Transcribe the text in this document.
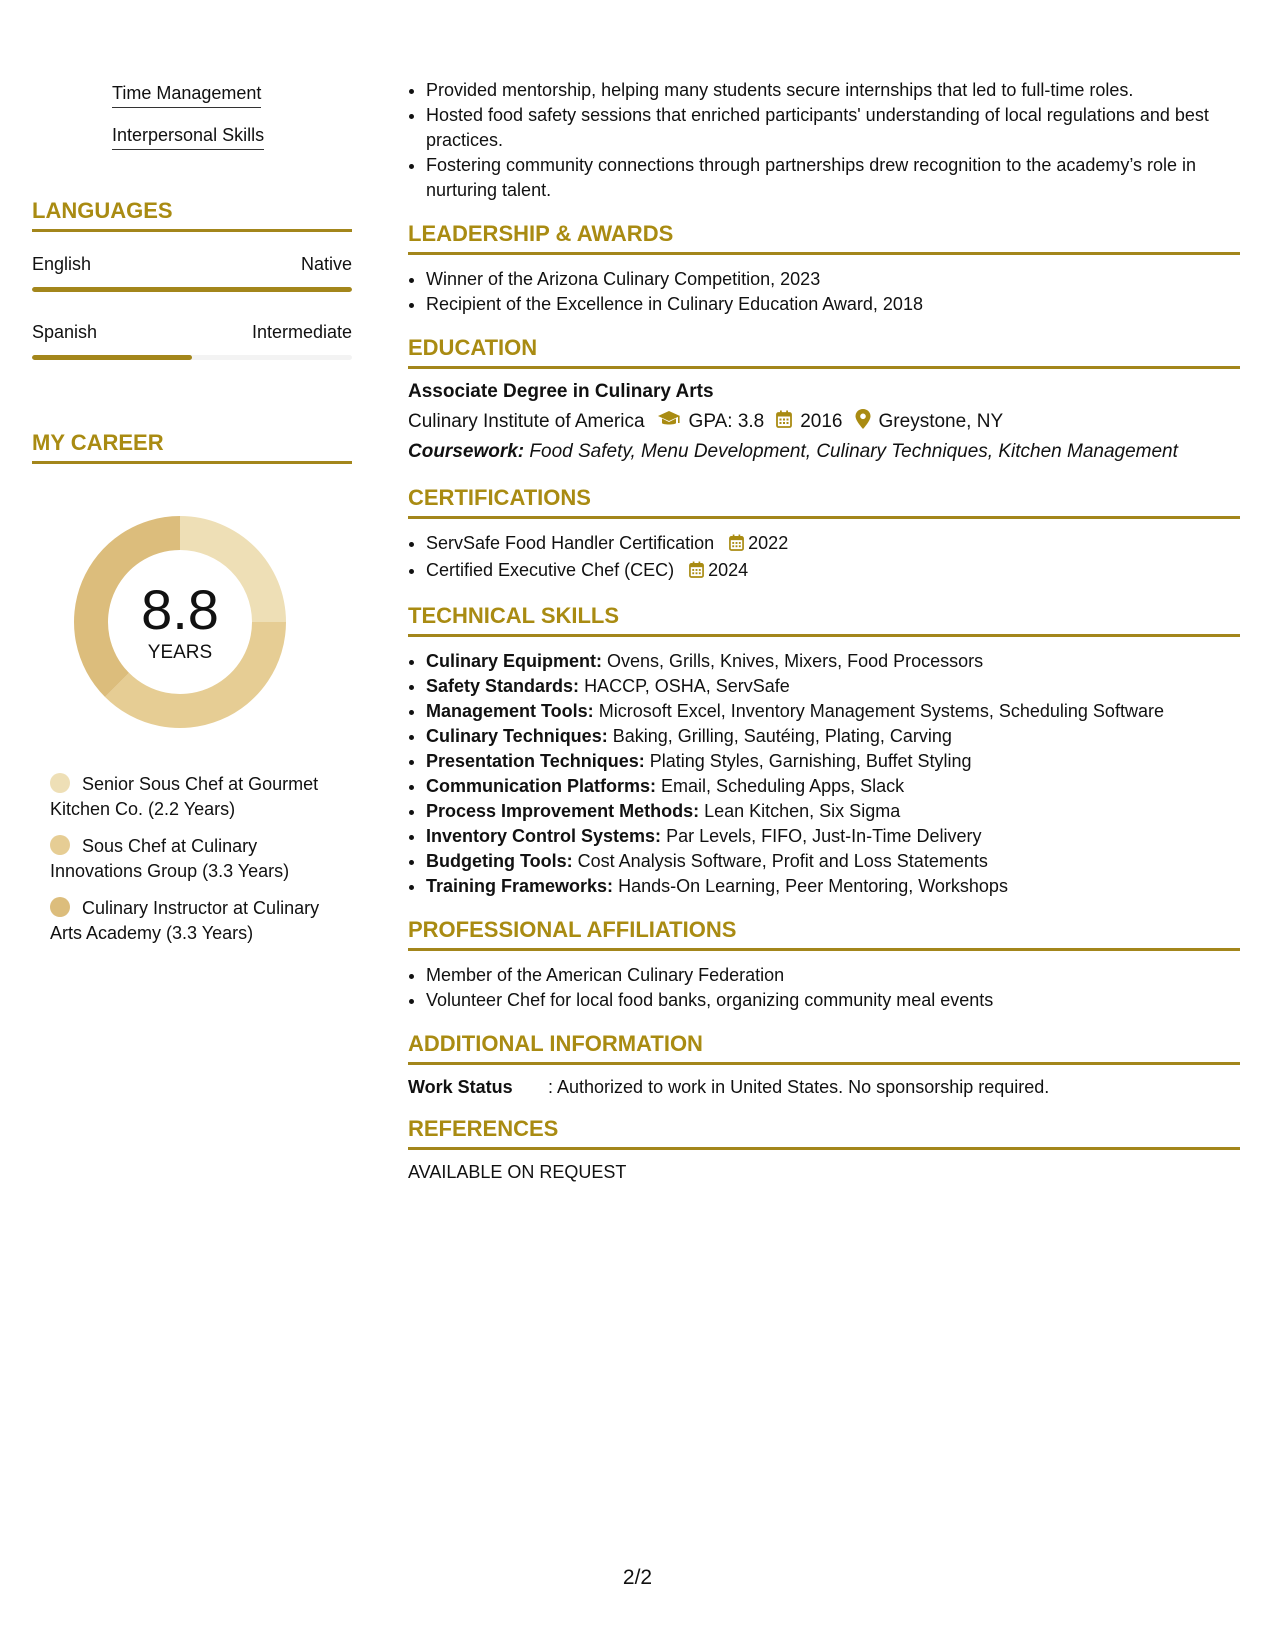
Time Management
Interpersonal Skills
LANGUAGES
English	Native
Spanish	Intermediate
MY CAREER
8.8
YEARS
Senior Sous Chef at Gourmet Kitchen Co. (2.2 Years)
Sous Chef at Culinary Innovations Group (3.3 Years)
Culinary Instructor at Culinary Arts Academy (3.3 Years)
• Provided mentorship, helping many students secure internships that led to full-time roles.
• Hosted food safety sessions that enriched participants' understanding of local regulations and best practices.
• Fostering community connections through partnerships drew recognition to the academy’s role in nurturing talent.
LEADERSHIP & AWARDS
• Winner of the Arizona Culinary Competition, 2023
• Recipient of the Excellence in Culinary Education Award, 2018
EDUCATION
Associate Degree in Culinary Arts
Culinary Institute of America GPA: 3.8 2016 Greystone, NY
Coursework: Food Safety, Menu Development, Culinary Techniques, Kitchen Management
CERTIFICATIONS
• ServSafe Food Handler Certification 2022
• Certified Executive Chef (CEC) 2024
TECHNICAL SKILLS
• Culinary Equipment: Ovens, Grills, Knives, Mixers, Food Processors
• Safety Standards: HACCP, OSHA, ServSafe
• Management Tools: Microsoft Excel, Inventory Management Systems, Scheduling Software
• Culinary Techniques: Baking, Grilling, Sautéing, Plating, Carving
• Presentation Techniques: Plating Styles, Garnishing, Buffet Styling
• Communication Platforms: Email, Scheduling Apps, Slack
• Process Improvement Methods: Lean Kitchen, Six Sigma
• Inventory Control Systems: Par Levels, FIFO, Just-In-Time Delivery
• Budgeting Tools: Cost Analysis Software, Profit and Loss Statements
• Training Frameworks: Hands-On Learning, Peer Mentoring, Workshops
PROFESSIONAL AFFILIATIONS
• Member of the American Culinary Federation
• Volunteer Chef for local food banks, organizing community meal events
ADDITIONAL INFORMATION
Work Status	: Authorized to work in United States. No sponsorship required.
REFERENCES
AVAILABLE ON REQUEST
2/2
